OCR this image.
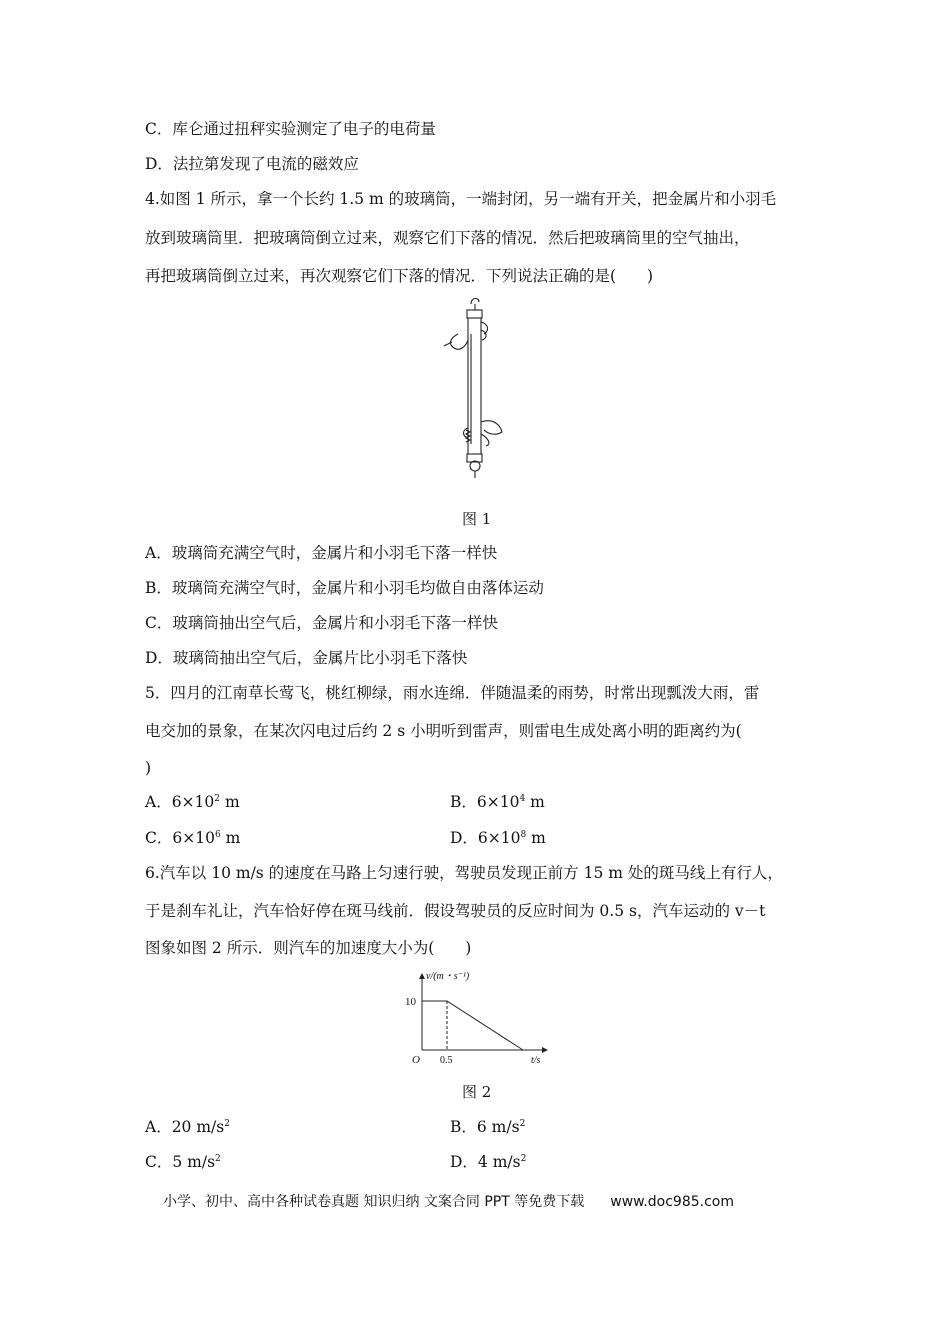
C．库仑通过扭秤实验测定了电子的电荷量
D．法拉第发现了电流的磁效应
4.如图 1 所示，拿一个长约 1.5 m 的玻璃筒，一端封闭，另一端有开关，把金属片和小羽毛
放到玻璃筒里．把玻璃筒倒立过来，观察它们下落的情况．然后把玻璃筒里的空气抽出，
再把玻璃筒倒立过来，再次观察它们下落的情况．下列说法正确的是(　　)
图 1
A．玻璃筒充满空气时，金属片和小羽毛下落一样快
B．玻璃筒充满空气时，金属片和小羽毛均做自由落体运动
C．玻璃筒抽出空气后，金属片和小羽毛下落一样快
D．玻璃筒抽出空气后，金属片比小羽毛下落快
5．四月的江南草长莺飞，桃红柳绿，雨水连绵．伴随温柔的雨势，时常出现瓢泼大雨，雷
电交加的景象，在某次闪电过后约 2 s 小明听到雷声，则雷电生成处离小明的距离约为(
)
A．$6\times 10^2$ m	B．$6\times 10^4$ m
C．$6\times 10^6$ m	D．$6\times 10^8$ m
6.汽车以 10 m/s 的速度在马路上匀速行驶，驾驶员发现正前方 15 m 处的斑马线上有行人，
于是刹车礼让，汽车恰好停在斑马线前．假设驾驶员的反应时间为 0.5 s，汽车运动的 v－t
图象如图 2 所示．则汽车的加速度大小为(　　)
v/(m・s⁻¹)
10
O 0.5	t/s
图 2
A．20 $m/s^2$	B．6 $m/s^2$
C．5 $m/s^2$	D．4 $m/s^2$
小学、初中、高中各种试卷真题 知识归纳 文案合同 PPT 等免费下载 www.doc985.com
